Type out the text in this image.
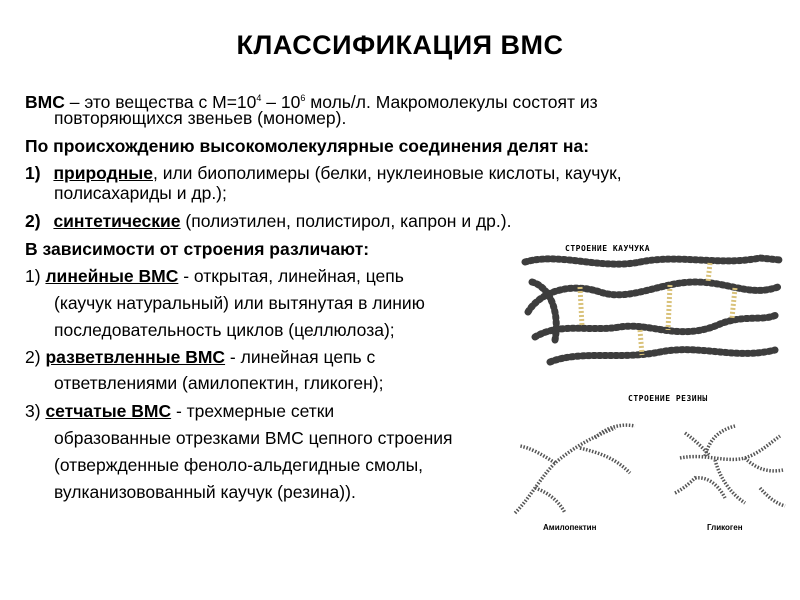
КЛАССИФИКАЦИЯ ВМС
ВМС – это вещества с $М=10^4 - 10^6$ моль/л. Макромолекулы состоят из
повторяющихся звеньев (мономер).
По происхождению высокомолекулярные соединения делят на:
1) природные, или биополимеры (белки, нуклеиновые кислоты, каучук,
полисахариды и др.);
2) синтетические (полиэтилен, полистирол, капрон и др.).
В зависимости от строения различают:
1) линейные ВМС - открытая, линейная, цепь
(каучук натуральный) или вытянутая в линию
последовательность циклов (целлюлоза);
2) разветвленные ВМС - линейная цепь с
ответвлениями (амилопектин, гликоген);
3) сетчатые ВМС - трехмерные сетки
образованные отрезками ВМС цепного строения
(отвержденные феноло-альдегидные смолы,
вулканизовованный каучук (резина)).
СТРОЕНИЕ КАУЧУКА
СТРОЕНИЕ РЕЗИНЫ
Амилопектин	Гликоген
